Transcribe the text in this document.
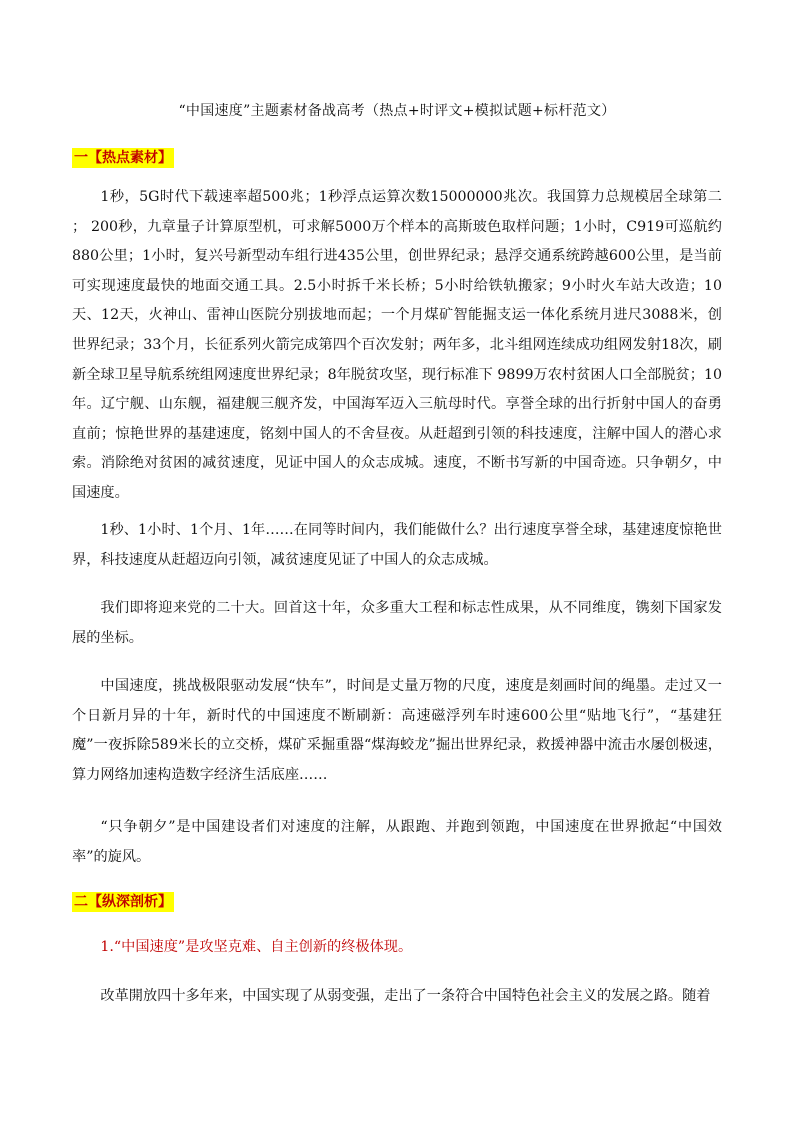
“中国速度”主题素材备战高考（热点+时评文+模拟试题+标杆范文）
一【热点素材】

1秒，5G时代下载速率超500兆；1秒浮点运算次数15000000兆次。我国算力总规模居全球第二 ； 200秒，九章量子计算原型机，可求解5000万个样本的高斯玻色取样问题；1小时，C919可巡航约880公里；1小时，复兴号新型动车组行进435公里，创世界纪录；悬浮交通系统跨越600公里，是当前可实现速度最快的地面交通工具。2.5小时拆千米长桥；5小时给铁轨搬家；9小时火车站大改造；10天、12天，火神山、雷神山医院分别拔地而起；一个月煤矿智能掘支运一体化系统月进尺3088米，创世界纪录；33个月，长征系列火箭完成第四个百次发射；两年多，北斗组网连续成功组网发射18次，刷新全球卫星导航系统组网速度世界纪录；8年脱贫攻坚，现行标准下 9899万农村贫困人口全部脱贫；10年。辽宁舰、山东舰，福建舰三舰齐发，中国海军迈入三航母时代。享誉全球的出行折射中国人的奋勇直前；惊艳世界的基建速度，铭刻中国人的不舍昼夜。从赶超到引领的科技速度，注解中国人的潜心求索。消除绝对贫困的减贫速度，见证中国人的众志成城。速度，不断书写新的中国奇迹。只争朝夕，中国速度。

1秒、1小时、1个月、1年……在同等时间内，我们能做什么？出行速度享誉全球，基建速度惊艳世界，科技速度从赶超迈向引领，减贫速度见证了中国人的众志成城。

我们即将迎来党的二十大。回首这十年，众多重大工程和标志性成果，从不同维度，镌刻下国家发展的坐标。

中国速度，挑战极限驱动发展“快车”，时间是丈量万物的尺度，速度是刻画时间的绳墨。走过又一个日新月异的十年，新时代的中国速度不断刷新：高速磁浮列车时速600公里“贴地飞行”，“基建狂魔”一夜拆除589米长的立交桥，煤矿采掘重器“煤海蛟龙”掘出世界纪录，救援神器中流击水屡创极速，算力网络加速构造数字经济生活底座……

“只争朝夕”是中国建设者们对速度的注解，从跟跑、并跑到领跑，中国速度在世界掀起“中国效率”的旋风。

二【纵深剖析】

1.“中国速度”是攻坚克难、自主创新的终极体现。

改革開放四十多年来，中国实现了从弱变强，走出了一条符合中国特色社会主义的发展之路。随着
